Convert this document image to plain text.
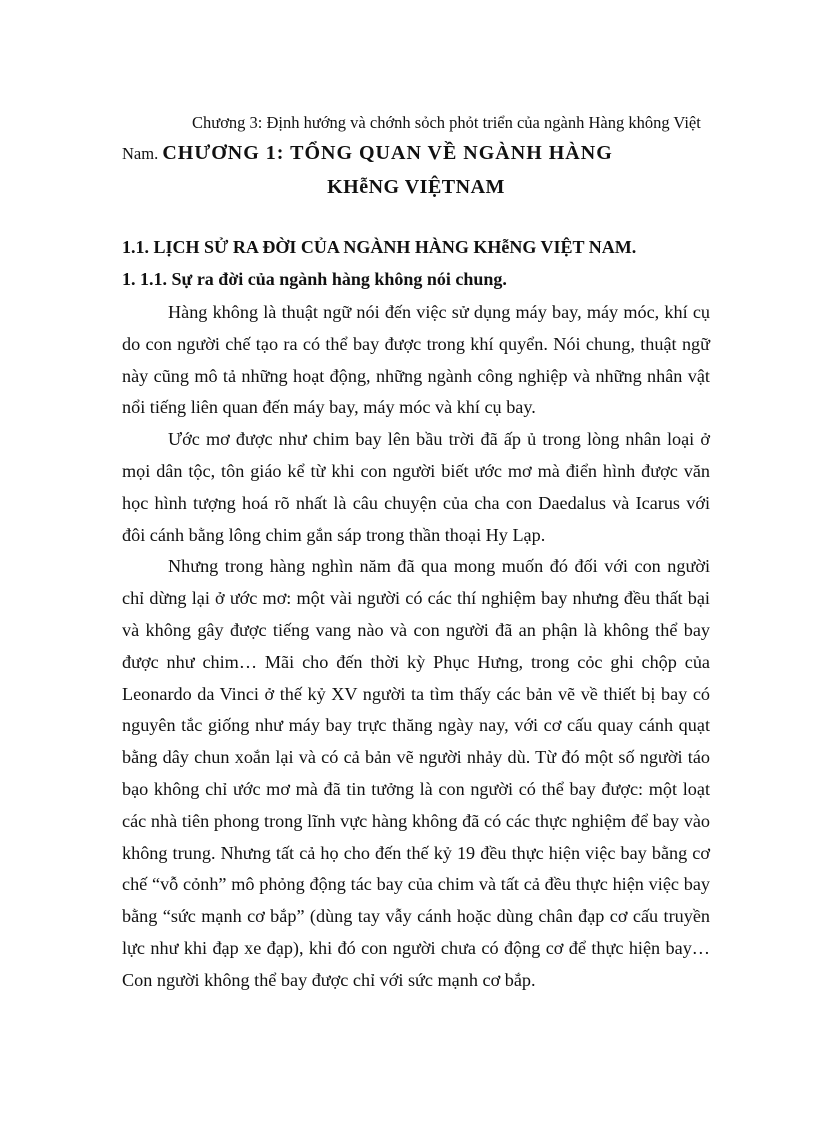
Chương 3: Định hướng và chớnh sỏch phỏt triển của ngành Hàng không Việt Nam. CHƯƠNG 1: TỔNG QUAN VỀ NGÀNH HÀNG

KHễNG VIỆTNAM

1.1. LỊCH SỬ RA ĐỜI CỦA NGÀNH HÀNG KHễNG VIỆT NAM.

1. 1.1. Sự ra đời của ngành hàng không nói chung.

Hàng không là thuật ngữ nói đến việc sử dụng máy bay, máy móc, khí cụ do con người chế tạo ra có thể bay được trong khí quyển. Nói chung, thuật ngữ này cũng mô tả những hoạt động, những ngành công nghiệp và những nhân vật nổi tiếng liên quan đến máy bay, máy móc và khí cụ bay.

Ước mơ được như chim bay lên bầu trời đã ấp ủ trong lòng nhân loại ở mọi dân tộc, tôn giáo kể từ khi con người biết ước mơ mà điển hình được văn học hình tượng hoá rõ nhất là câu chuyện của cha con Daedalus và Icarus với đôi cánh bằng lông chim gắn sáp trong thần thoại Hy Lạp.

Nhưng trong hàng nghìn năm đã qua mong muốn đó đối với con người chỉ dừng lại ở ước mơ: một vài người có các thí nghiệm bay nhưng đều thất bại và không gây được tiếng vang nào và con người đã an phận là không thể bay được như chim… Mãi cho đến thời kỳ Phục Hưng, trong cỏc ghi chộp của Leonardo da Vinci ở thế kỷ XV người ta tìm thấy các bản vẽ về thiết bị bay có nguyên tắc giống như máy bay trực thăng ngày nay, với cơ cấu quay cánh quạt bằng dây chun xoắn lại và có cả bản vẽ người nhảy dù. Từ đó một số người táo bạo không chỉ ước mơ mà đã tin tưởng là con người có thể bay được: một loạt các nhà tiên phong trong lĩnh vực hàng không đã có các thực nghiệm để bay vào không trung. Nhưng tất cả họ cho đến thế kỷ 19 đều thực hiện việc bay bằng cơ chế “vỗ cỏnh” mô phỏng động tác bay của chim và tất cả đều thực hiện việc bay bằng “sức mạnh cơ bắp” (dùng tay vẫy cánh hoặc dùng chân đạp cơ cấu truyền lực như khi đạp xe đạp), khi đó con người chưa có động cơ để thực hiện bay… Con người không thể bay được chỉ với sức mạnh cơ bắp.
